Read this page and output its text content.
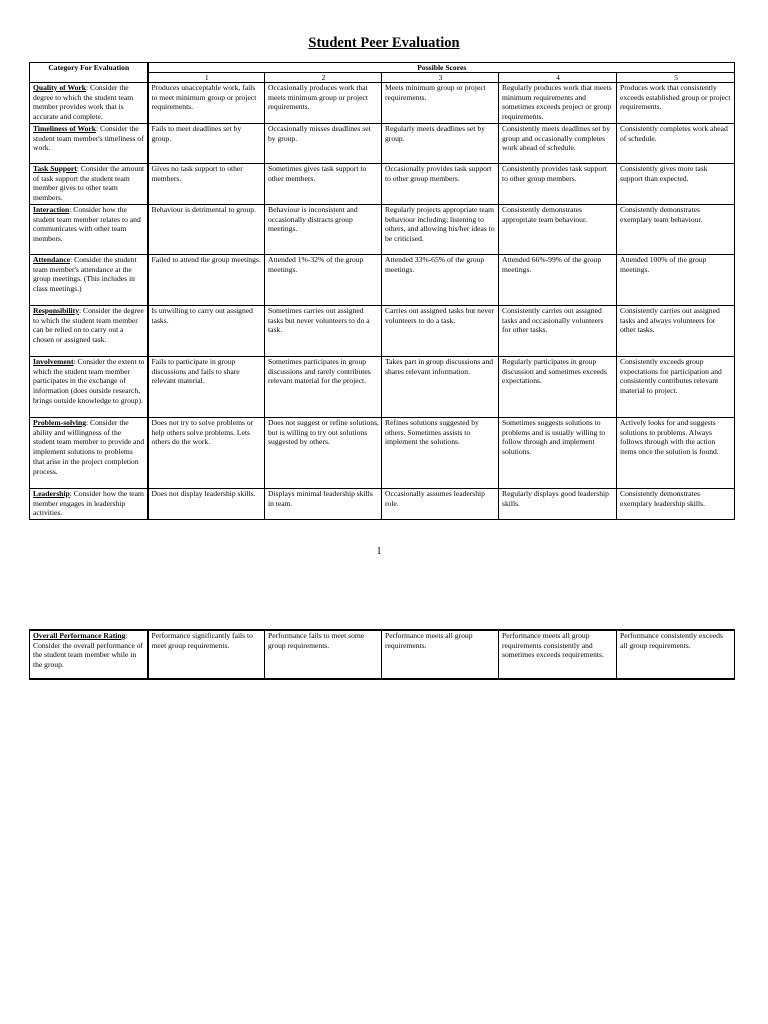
Student Peer Evaluation
Category For Evaluation	Possible Scores				
	1	2	3	4	5
Quality of Work: Consider the degree to which the student team member provides work that is accurate and complete.	Produces unacceptable work, fails to meet minimum group or project requirements.	Occasionally produces work that meets minimum group or project requirements.	Meets minimum group or project requirements.	Regularly produces work that meets minimum requirements and sometimes exceeds project or group requirements.	Produces work that consistently exceeds established group or project requirements.
Timeliness of Work: Consider the student team member's timeliness of work.	Fails to meet deadlines set by group.	Occasionally misses deadlines set by group.	Regularly meets deadlines set by group.	Consistently meets deadlines set by group and occasionally completes work ahead of schedule.	Consistently completes work ahead of schedule.
Task Support: Consider the amount of task support the student team member gives to other team members.	Gives no task support to other members.	Sometimes gives task support to other members.	Occasionally provides task support to other group members.	Consistently provides task support to other group members.	Consistently gives more task support than expected.
Interaction: Consider how the student team member relates to and communicates with other team members.	Behaviour is detrimental to group.	Behaviour is inconsistent and occasionally distracts group meetings.	Regularly projects appropriate team behaviour including; listening to others, and allowing his/her ideas to be criticised.	Consistently demonstrates appropriate team behaviour.	Consistently demonstrates exemplary team behaviour.
Attendance: Consider the student team member's attendance at the group meetings. (This includes in class meetings.)	Failed to attend the group meetings.	Attended 1%-32% of the group meetings.	Attended 33%-65% of the group meetings.	Attended 66%-99% of the group meetings.	Attended 100% of the group meetings.
Responsibility: Consider the degree to which the student team member can be relied on to carry out a chosen or assigned task.	Is unwilling to carry out assigned tasks.	Sometimes carries out assigned tasks but never volunteers to do a task.	Carries out assigned tasks but never volunteers to do a task.	Consistently carries out assigned tasks and occasionally volunteers for other tasks.	Consistently carries out assigned tasks and always volunteers for other tasks.
Involvement: Consider the extent to which the student team member participates in the exchange of information (does outside research, brings outside knowledge to group).	Fails to participate in group discussions and fails to share relevant material.	Sometimes participates in group discussions and rarely contributes relevant material for the project.	Takes part in group discussions and shares relevant information.	Regularly participates in group discussion and sometimes exceeds expectations.	Consistently exceeds group expectations for participation and consistently contributes relevant material to project.
Problem-solving: Consider the ability and willingness of the student team member to provide and implement solutions to problems that arise in the project completion process.	Does not try to solve problems or help others solve problems. Lets others do the work.	Does not suggest or refine solutions, but is willing to try out solutions suggested by others.	Refines solutions suggested by others. Sometimes assists to implement the solutions.	Sometimes suggests solutions to problems and is usually willing to follow through and implement solutions.	Actively looks for and suggests solutions to problems. Always follows through with the action items once the solution is found.
Leadership: Consider how the team member engages in leadership activities.	Does not display leadership skills.	Displays minimal leadership skills in team.	Occasionally assumes leadership role.	Regularly displays good leadership skills.	Consistently demonstrates exemplary leadership skills.
1
Overall Performance Rating: Consider the overall performance of the student team member while in the group.	Performance significantly fails to meet group requirements.	Performance fails to meet some group requirements.	Performance meets all group requirements.	Performance meets all group requirements consistently and sometimes exceeds requirements.	Performance consistently exceeds all group requirements.
